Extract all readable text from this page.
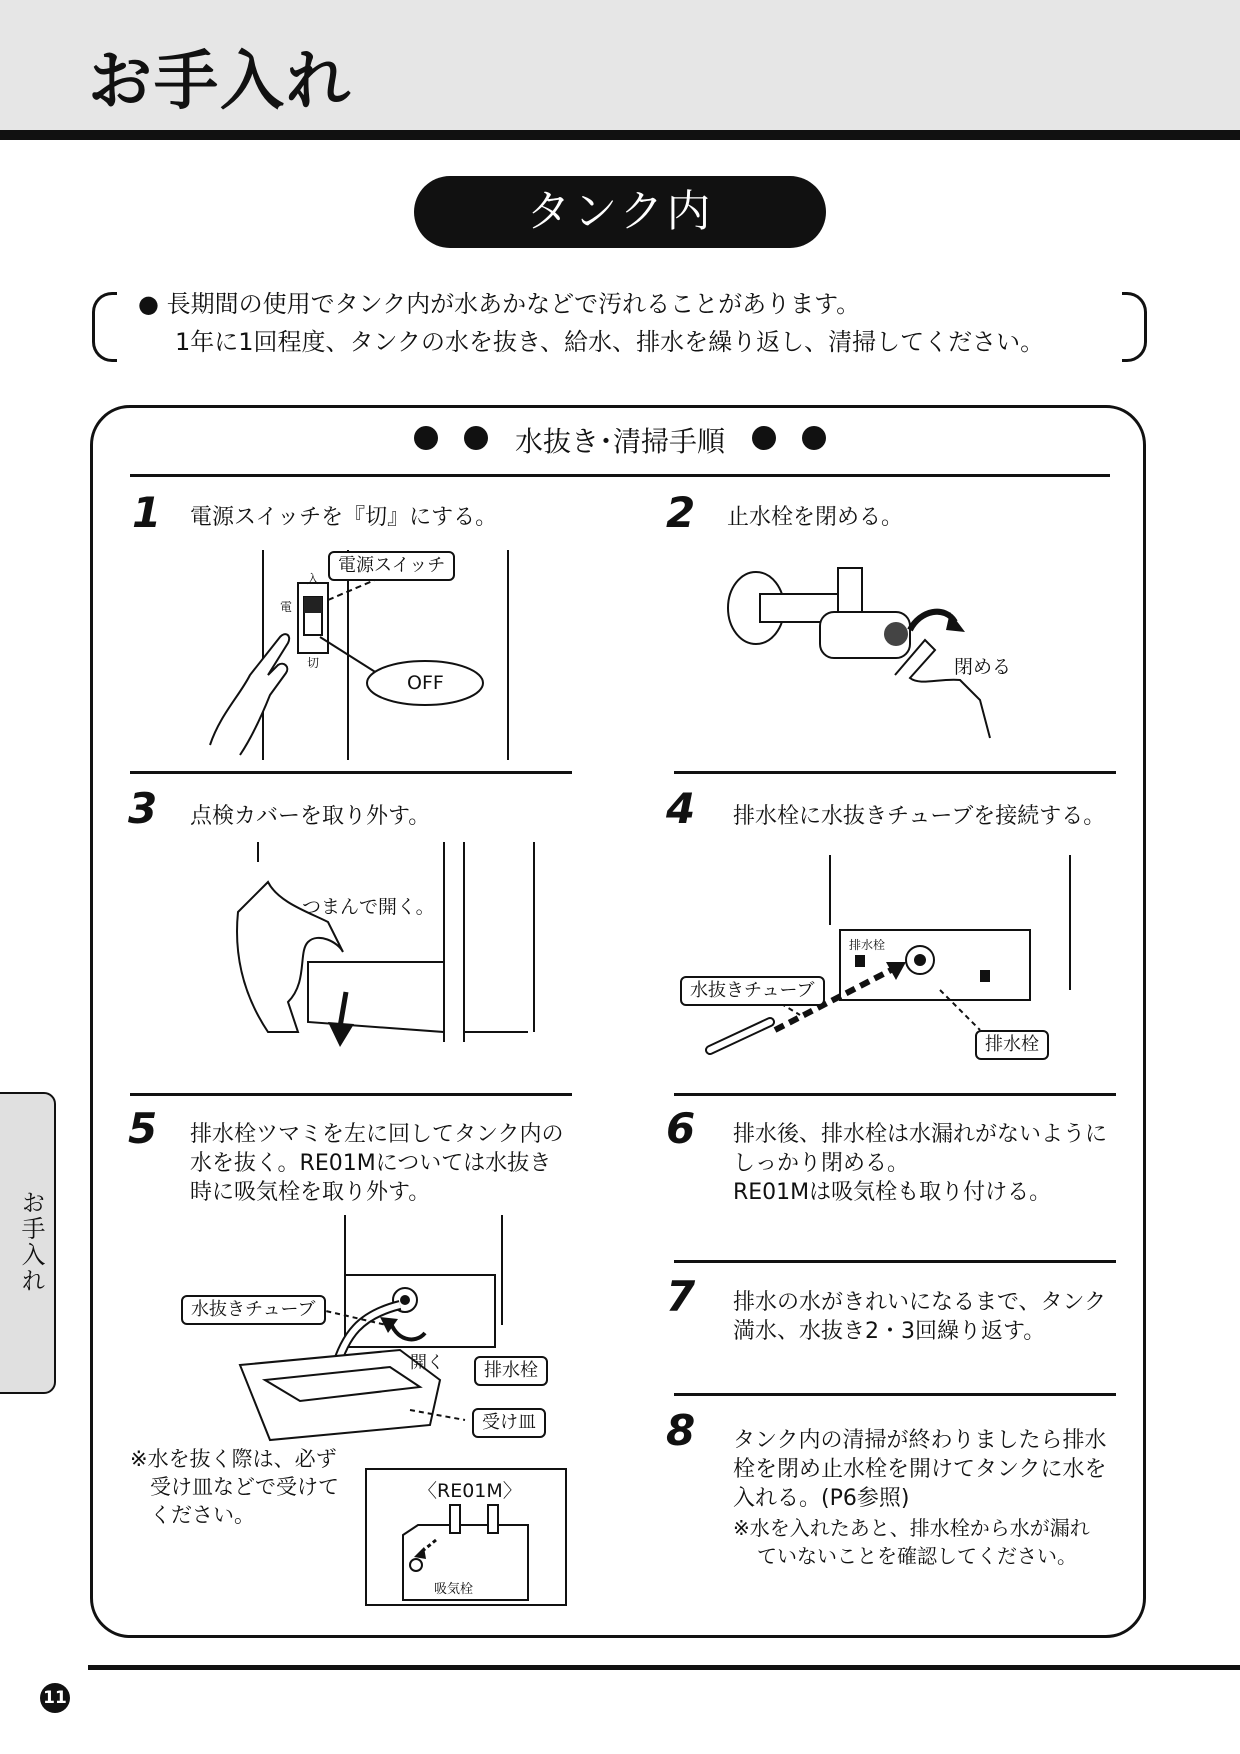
お手入れ
タンク内
● 長期間の使用でタンク内が水あかなどで汚れることがあります。
1年に1回程度、タンクの水を抜き、給水、排水を繰り返し、清掃してください。
水抜き･清掃手順
1 電源スイッチを『切』にする。
電源スイッチ
OFF
入
切
電
2 止水栓を閉める。
閉める
3 点検カバーを取り外す。
つまんで開く。
4 排水栓に水抜きチューブを接続する。
水抜きチューブ
排水栓
排水栓
5 排水栓ツマミを左に回してタンク内の
水を抜く。RE01Mについては水抜き
時に吸気栓を取り外す。
水抜きチューブ
排水栓
受け皿
開く
※水を抜く際は、必ず
受け皿などで受けて
ください。
〈RE01M〉
吸気栓
6 排水後、排水栓は水漏れがないように
しっかり閉める。
RE01Mは吸気栓も取り付ける。
7 排水の水がきれいになるまで、タンク
満水、水抜き2・3回繰り返す。
8 タンク内の清掃が終わりましたら排水
栓を閉め止水栓を開けてタンクに水を
入れる。(P6参照)
※水を入れたあと、排水栓から水が漏れ
ていないことを確認してください。
お手入れ
11
